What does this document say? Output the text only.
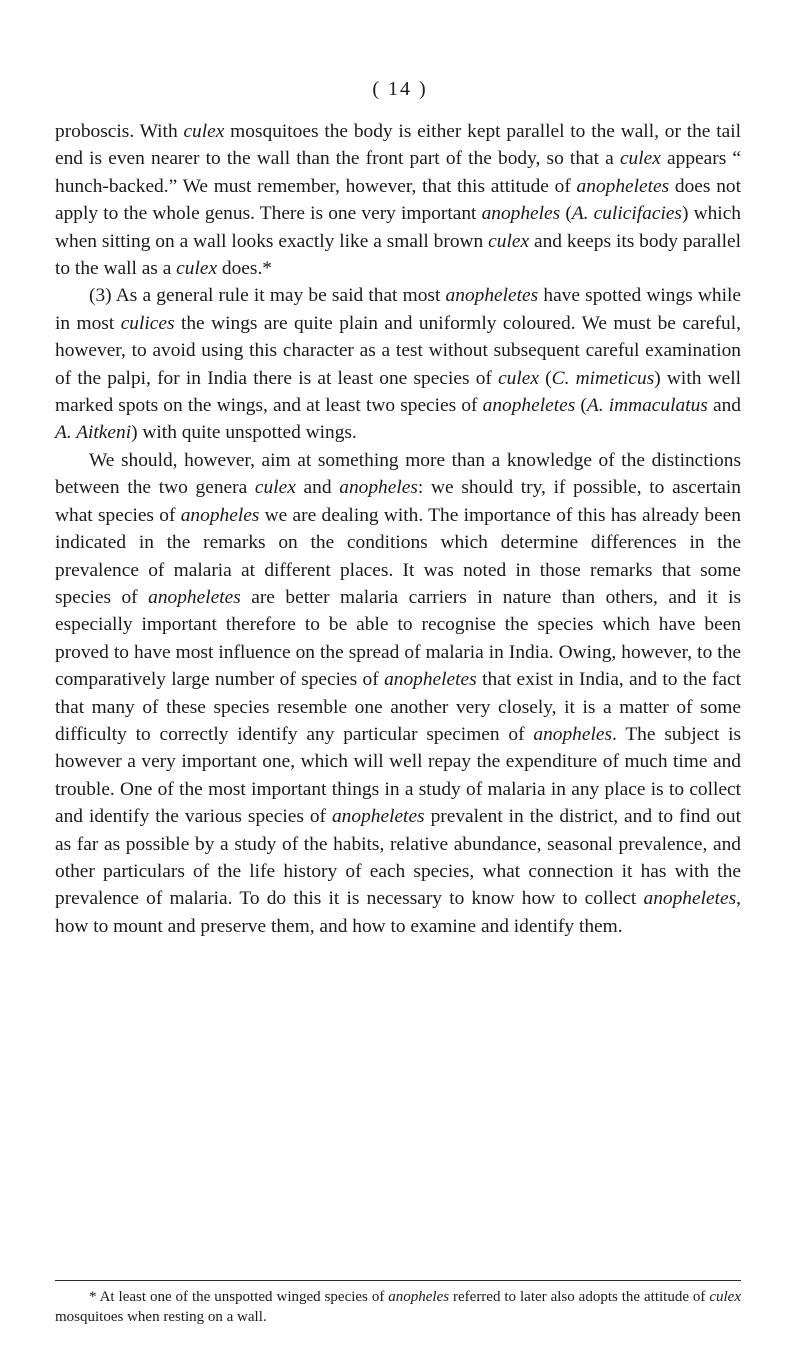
( 14 )

proboscis. With culex mosquitoes the body is either kept parallel to the wall, or the tail end is even nearer to the wall than the front part of the body, so that a culex appears “ hunch-backed.” We must remember, however, that this attitude of anopheletes does not apply to the whole genus. There is one very important anopheles (A. culicifacies) which when sitting on a wall looks exactly like a small brown culex and keeps its body parallel to the wall as a culex does.*

(3) As a general rule it may be said that most anopheletes have spotted wings while in most culices the wings are quite plain and uniformly coloured. We must be careful, however, to avoid using this character as a test without subsequent careful examination of the palpi, for in India there is at least one species of culex (C. mimeticus) with well marked spots on the wings, and at least two species of anopheletes (A. immaculatus and A. Aitkeni) with quite unspotted wings.

We should, however, aim at something more than a knowledge of the distinctions between the two genera culex and anopheles: we should try, if possible, to ascertain what species of anopheles we are dealing with. The importance of this has already been indicated in the remarks on the conditions which determine differences in the prevalence of malaria at different places. It was noted in those remarks that some species of anopheletes are better malaria carriers in nature than others, and it is especially important therefore to be able to recognise the species which have been proved to have most influence on the spread of malaria in India. Owing, however, to the comparatively large number of species of anopheletes that exist in India, and to the fact that many of these species resemble one another very closely, it is a matter of some difficulty to correctly identify any particular specimen of anopheles. The subject is however a very important one, which will well repay the expenditure of much time and trouble. One of the most important things in a study of malaria in any place is to collect and identify the various species of anopheletes prevalent in the district, and to find out as far as possible by a study of the habits, relative abundance, seasonal prevalence, and other particulars of the life history of each species, what connection it has with the prevalence of malaria. To do this it is necessary to know how to collect anopheletes, how to mount and preserve them, and how to examine and identify them.

* At least one of the unspotted winged species of anopheles referred to later also adopts the attitude of culex mosquitoes when resting on a wall.
